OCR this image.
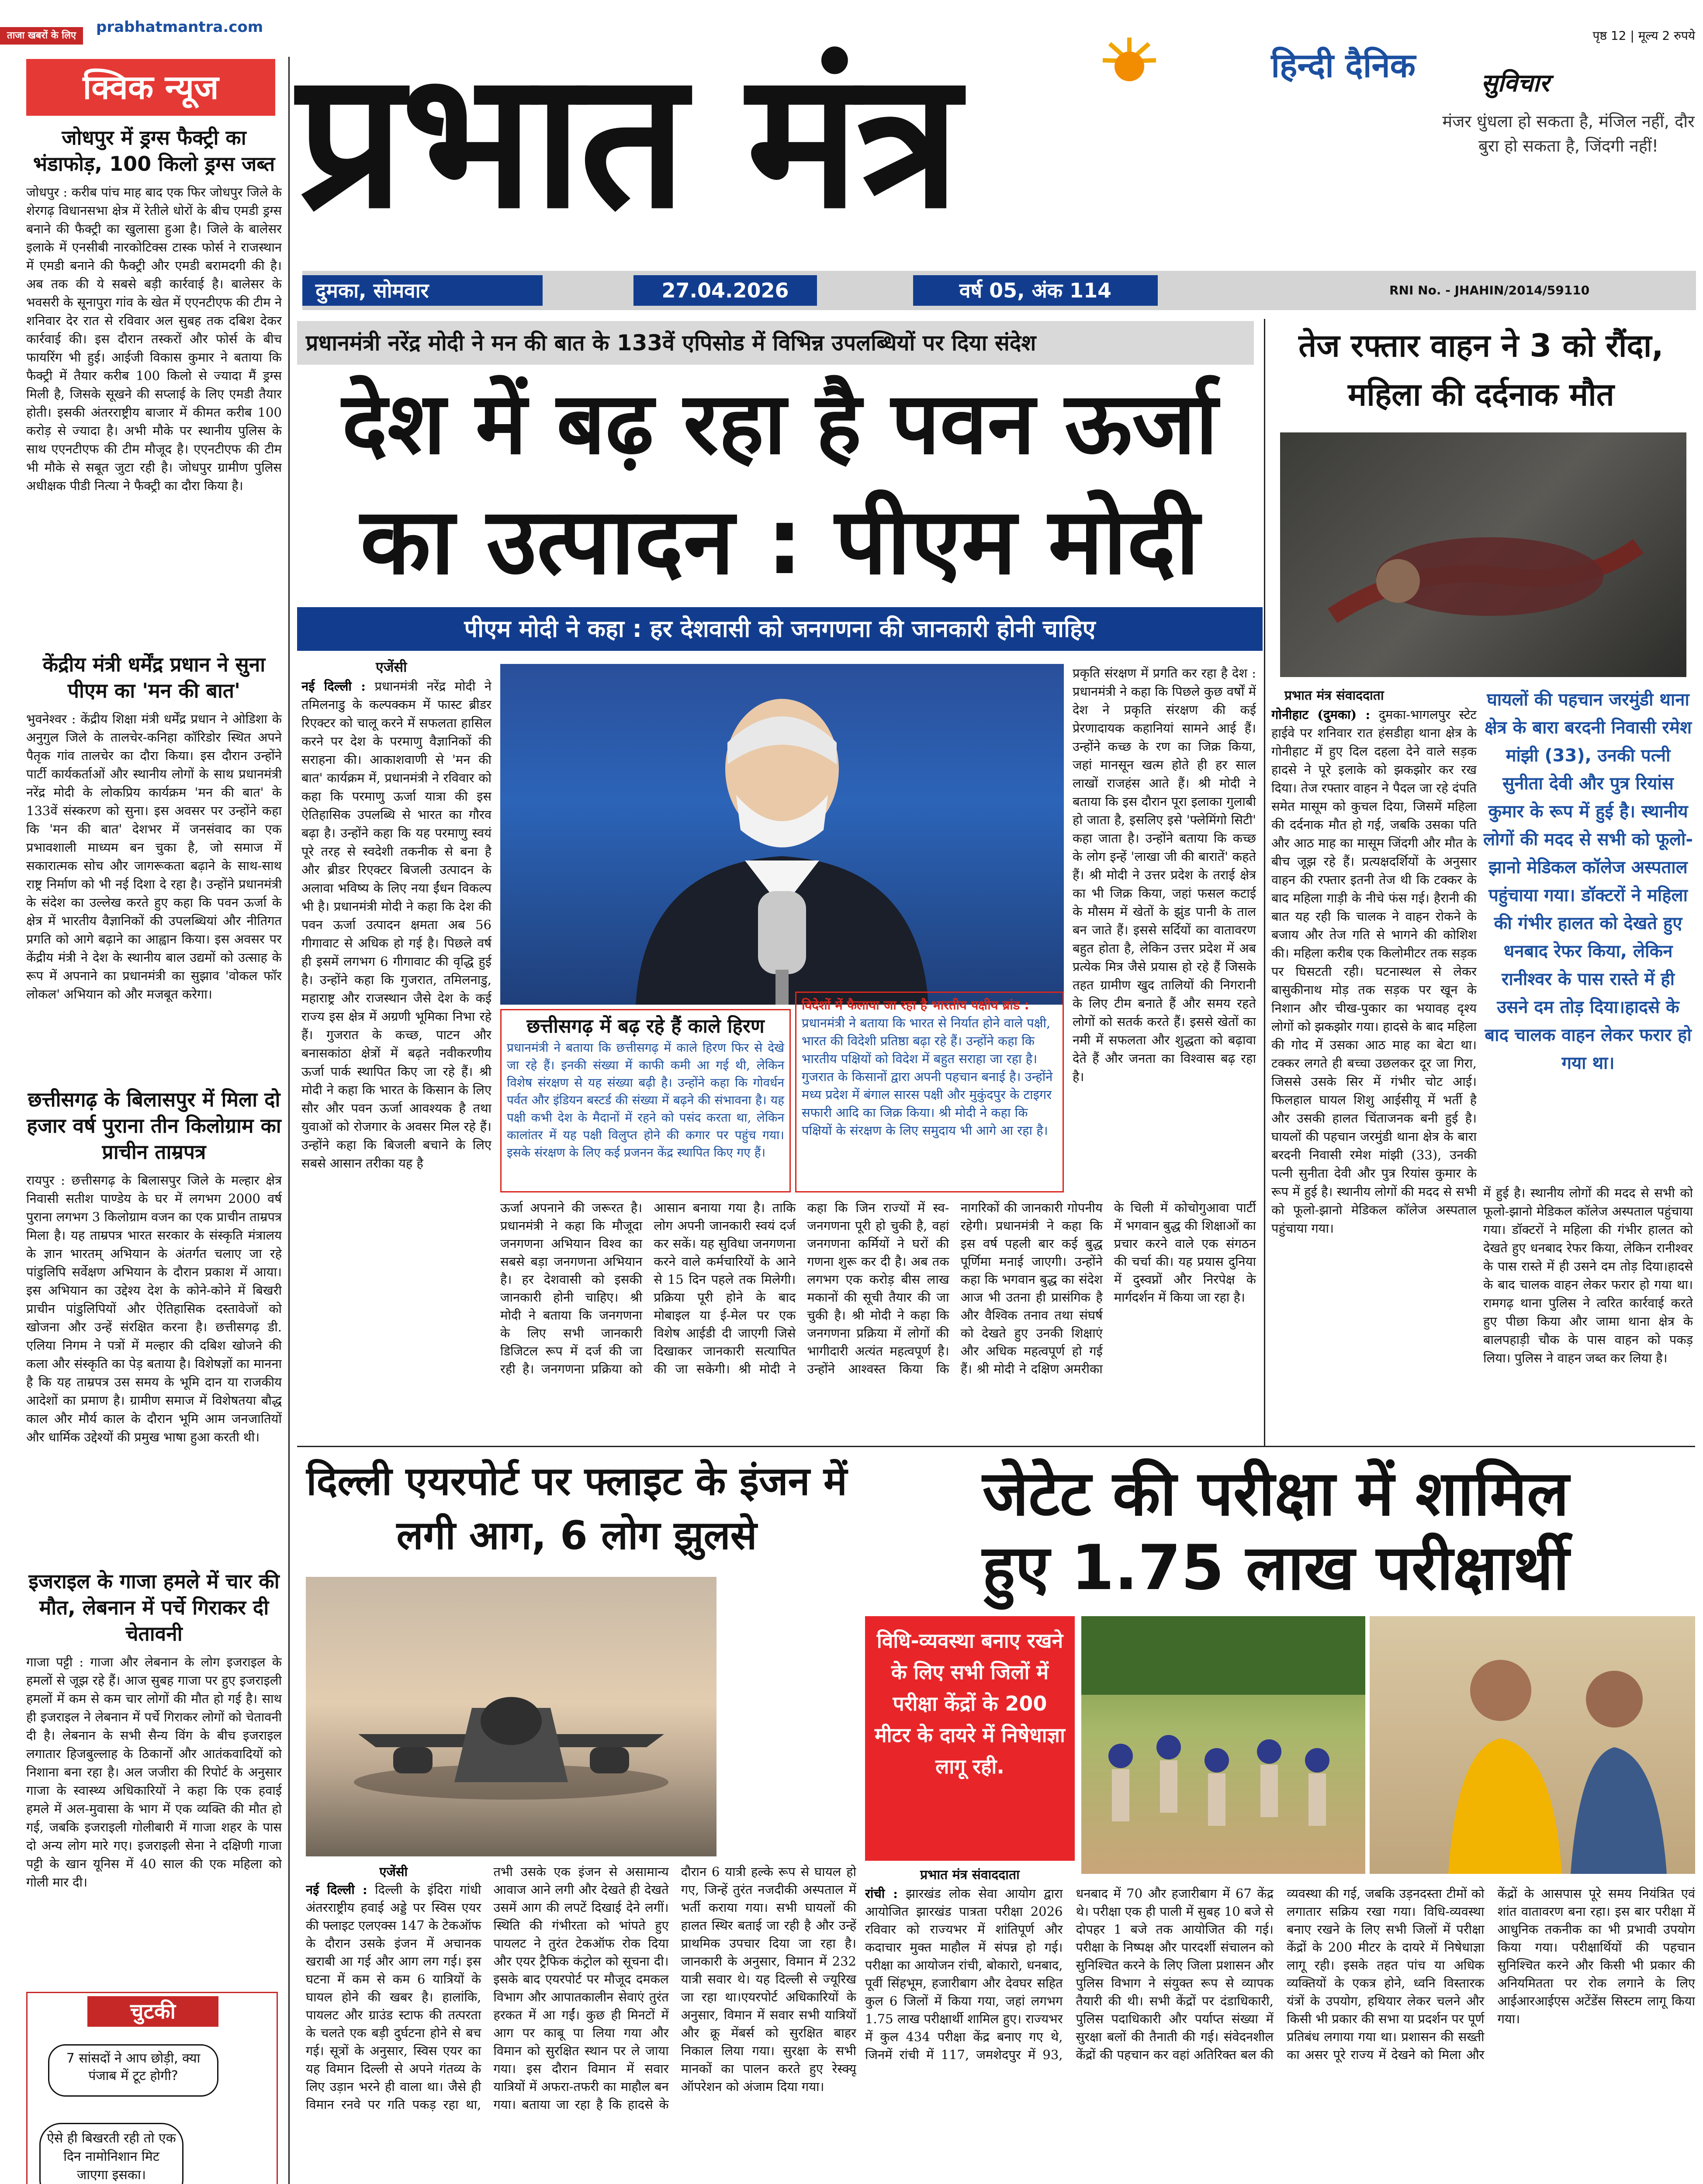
ताजा खबरों के लिए देखें
prabhatmantra.com
प्रभात मंत्र	हिन्दी दैनिक
पृष्ठ 12 | मूल्य 2 रुपये
सुविचार
मंजर धुंधला हो सकता है, मंजिल नहीं, दौर बुरा हो सकता है, जिंदगी नहीं!
दुमका, सोमवार	27.04.2026	वर्ष 05, अंक 114	RNI No. - JHAHIN/2014/59110
क्विक न्यूज
जोधपुर में ड्रग्स फैक्ट्री का भंडाफोड़, 100 किलो ड्रग्स जब्त
जोधपुर : करीब पांच माह बाद एक फिर जोधपुर जिले के शेरगढ़ विधानसभा क्षेत्र में रेतीले धोरों के बीच एमडी ड्रग्स बनाने की फैक्ट्री का खुलासा हुआ है। जिले के बालेसर इलाके में एनसीबी नारकोटिक्स टास्क फोर्स ने राजस्थान में एमडी बनाने की फैक्ट्री और एमडी बरामदगी की है। अब तक की ये सबसे बड़ी कार्रवाई है। बालेसर के भवसरी के सूनापुरा गांव के खेत में एएनटीएफ की टीम ने शनिवार देर रात से रविवार अल सुबह तक दबिश देकर कार्रवाई की। इस दौरान तस्करों और फोर्स के बीच फायरिंग भी हुई। आईजी विकास कुमार ने बताया कि फैक्ट्री में तैयार करीब 100 किलो से ज्यादा मैं ड्रग्स मिली है, जिसके सूखने की सप्लाई के लिए एमडी तैयार होती। इसकी अंतरराष्ट्रीय बाजार में कीमत करीब 100 करोड़ से ज्यादा है। अभी मौके पर स्थानीय पुलिस के साथ एएनटीएफ की टीम मौजूद है। एएनटीएफ की टीम भी मौके से सबूत जुटा रही है। जोधपुर ग्रामीण पुलिस अधीक्षक पीडी नित्या ने फैक्ट्री का दौरा किया है।
केंद्रीय मंत्री धर्मेंद्र प्रधान ने सुना पीएम का 'मन की बात'
भुवनेश्वर : केंद्रीय शिक्षा मंत्री धर्मेंद्र प्रधान ने ओडिशा के अनुगुल जिले के तालचेर-कनिहा कॉरिडोर स्थित अपने पैतृक गांव तालचेर का दौरा किया। इस दौरान उन्होंने पार्टी कार्यकर्ताओं और स्थानीय लोगों के साथ प्रधानमंत्री नरेंद्र मोदी के लोकप्रिय कार्यक्रम 'मन की बात' के 133वें संस्करण को सुना। इस अवसर पर उन्होंने कहा कि 'मन की बात' देशभर में जनसंवाद का एक प्रभावशाली माध्यम बन चुका है, जो समाज में सकारात्मक सोच और जागरूकता बढ़ाने के साथ-साथ राष्ट्र निर्माण को भी नई दिशा दे रहा है। उन्होंने प्रधानमंत्री के संदेश का उल्लेख करते हुए कहा कि पवन ऊर्जा के क्षेत्र में भारतीय वैज्ञानिकों की उपलब्धियां और नीतिगत प्रगति को आगे बढ़ाने का आह्वान किया। इस अवसर पर केंद्रीय मंत्री ने देश के स्थानीय बाल उद्यमों को उत्साह के रूप में अपनाने का प्रधानमंत्री का सुझाव 'वोकल फॉर लोकल' अभियान को और मजबूत करेगा।
छत्तीसगढ़ के बिलासपुर में मिला दो हजार वर्ष पुराना तीन किलोग्राम का प्राचीन ताम्रपत्र
रायपुर : छत्तीसगढ़ के बिलासपुर जिले के मल्हार क्षेत्र निवासी सतीश पाण्डेय के घर में लगभग 2000 वर्ष पुराना लगभग 3 किलोग्राम वजन का एक प्राचीन ताम्रपत्र मिला है। यह ताम्रपत्र भारत सरकार के संस्कृति मंत्रालय के ज्ञान भारतम् अभियान के अंतर्गत चलाए जा रहे पांडुलिपि सर्वेक्षण अभियान के दौरान प्रकाश में आया। इस अभियान का उद्देश्य देश के कोने-कोने में बिखरी प्राचीन पांडुलिपियों और ऐतिहासिक दस्तावेजों को खोजना और उन्हें संरक्षित करना है। छत्तीसगढ़ डी. एलिया निगम ने पत्रों में मल्हार की दबिश खोजने की कला और संस्कृति का पेड़ बताया है। विशेषज्ञों का मानना है कि यह ताम्रपत्र उस समय के भूमि दान या राजकीय आदेशों का प्रमाण है। ग्रामीण समाज में विशेषतया बौद्ध काल और मौर्य काल के दौरान भूमि आम जनजातियों और धार्मिक उद्देश्यों की प्रमुख भाषा हुआ करती थी।
इजराइल के गाजा हमले में चार की मौत, लेबनान में पर्चे गिराकर दी चेतावनी
गाजा पट्टी : गाजा और लेबनान के लोग इजराइल के हमलों से जूझ रहे हैं। आज सुबह गाजा पर हुए इजराइली हमलों में कम से कम चार लोगों की मौत हो गई है। साथ ही इजराइल ने लेबनान में पर्चे गिराकर लोगों को चेतावनी दी है। लेबनान के सभी सैन्य विंग के बीच इजराइल लगातार हिजबुल्लाह के ठिकानों और आतंकवादियों को निशाना बना रहा है। अल जजीरा की रिपोर्ट के अनुसार गाजा के स्वास्थ्य अधिकारियों ने कहा कि एक हवाई हमले में अल-मुवासा के भाग में एक व्यक्ति की मौत हो गई, जबकि इजराइली गोलीबारी में गाजा शहर के पास दो अन्य लोग मारे गए। इजराइली सेना ने दक्षिणी गाजा पट्टी के खान यूनिस में 40 साल की एक महिला को गोली मार दी।
चुटकी
7 सांसदों ने आप छोड़ी, क्या पंजाब में टूट होगी?
ऐसे ही बिखरती रही तो एक दिन नामोनिशान मिट जाएगा इसका।
प्रधानमंत्री नरेंद्र मोदी ने मन की बात के 133वें एपिसोड में विभिन्न उपलब्धियों पर दिया संदेश
देश में बढ़ रहा है पवन ऊर्जा
का उत्पादन : पीएम मोदी
पीएम मोदी ने कहा : हर देशवासी को जनगणना की जानकारी होनी चाहिए
एजेंसी
नई दिल्ली : प्रधानमंत्री नरेंद्र मोदी ने तमिलनाडु के कल्पक्कम में फास्ट ब्रीडर रिएक्टर को चालू करने में सफलता हासिल करने पर देश के परमाणु वैज्ञानिकों की सराहना की। आकाशवाणी से 'मन की बात' कार्यक्रम में, प्रधानमंत्री ने रविवार को कहा कि परमाणु ऊर्जा यात्रा की इस ऐतिहासिक उपलब्धि से भारत का गौरव बढ़ा है। उन्होंने कहा कि यह परमाणु स्वयं पूरे तरह से स्वदेशी तकनीक से बना है और ब्रीडर रिएक्टर बिजली उत्पादन के अलावा भविष्य के लिए नया ईंधन विकल्प भी है। प्रधानमंत्री मोदी ने कहा कि देश की पवन ऊर्जा उत्पादन क्षमता अब 56 गीगावाट से अधिक हो गई है। पिछले वर्ष ही इसमें लगभग 6 गीगावाट की वृद्धि हुई है। उन्होंने कहा कि गुजरात, तमिलनाडु, महाराष्ट्र और राजस्थान जैसे देश के कई राज्य इस क्षेत्र में अग्रणी भूमिका निभा रहे हैं। गुजरात के कच्छ, पाटन और बनासकांठा क्षेत्रों में बढ़ते नवीकरणीय ऊर्जा पार्क स्थापित किए जा रहे हैं। श्री मोदी ने कहा कि भारत के किसान के लिए सौर और पवन ऊर्जा आवश्यक है तथा युवाओं को रोजगार के अवसर मिल रहे हैं। उन्होंने कहा कि बिजली बचाने के लिए सबसे आसान तरीका यह है
प्रकृति संरक्षण में प्रगति कर रहा है देश : प्रधानमंत्री ने कहा कि पिछले कुछ वर्षों में देश ने प्रकृति संरक्षण की कई प्रेरणादायक कहानियां सामने आई हैं। उन्होंने कच्छ के रण का जिक्र किया, जहां मानसून खत्म होते ही हर साल लाखों राजहंस आते हैं। श्री मोदी ने बताया कि इस दौरान पूरा इलाका गुलाबी हो जाता है, इसलिए इसे 'फ्लेमिंगो सिटी' कहा जाता है। उन्होंने बताया कि कच्छ के लोग इन्हें 'लाखा जी की बारातें' कहते हैं। श्री मोदी ने उत्तर प्रदेश के तराई क्षेत्र का भी जिक्र किया, जहां फसल कटाई के मौसम में खेतों के झुंड पानी के ताल बन जाते हैं। इससे सर्दियों का वातावरण बहुत होता है, लेकिन उत्तर प्रदेश में अब प्रत्येक मित्र जैसे प्रयास हो रहे हैं जिसके तहत ग्रामीण खुद तालियों की निगरानी के लिए टीम बनाते हैं और समय रहते लोगों को सतर्क करते हैं। इससे खेतों का नमी में सफलता और शुद्धता को बढ़ावा देते हैं और जनता का विश्वास बढ़ रहा है।
छत्तीसगढ़ में बढ़ रहे हैं काले हिरण
प्रधानमंत्री ने बताया कि छत्तीसगढ़ में काले हिरण फिर से देखे जा रहे हैं। इनकी संख्या में काफी कमी आ गई थी, लेकिन विशेष संरक्षण से यह संख्या बढ़ी है। उन्होंने कहा कि गोवर्धन पर्वत और इंडियन बस्टर्ड की संख्या में बढ़ने की संभावना है। यह पक्षी कभी देश के मैदानों में रहने को पसंद करता था, लेकिन कालांतर में यह पक्षी विलुप्त होने की कगार पर पहुंच गया। इसके संरक्षण के लिए कई प्रजनन केंद्र स्थापित किए गए हैं।
विदेशों में फैलाया जा रहा है भारतीय पक्षीय ब्रांड : प्रधानमंत्री ने बताया कि भारत से निर्यात होने वाले पक्षी, भारत की विदेशी प्रतिष्ठा बढ़ा रहे हैं। उन्होंने कहा कि भारतीय पक्षियों को विदेश में बहुत सराहा जा रहा है। गुजरात के किसानों द्वारा अपनी पहचान बनाई है। उन्होंने मध्य प्रदेश में बंगाल सारस पक्षी और मुकुंदपुर के टाइगर सफारी आदि का जिक्र किया। श्री मोदी ने कहा कि पक्षियों के संरक्षण के लिए समुदाय भी आगे आ रहा है।
ऊर्जा अपनाने की जरूरत है। प्रधानमंत्री ने कहा कि मौजूदा जनगणना अभियान विश्व का सबसे बड़ा जनगणना अभियान है। हर देशवासी को इसकी जानकारी होनी चाहिए। श्री मोदी ने बताया कि जनगणना के लिए सभी जानकारी डिजिटल रूप में दर्ज की जा रही है। जनगणना प्रक्रिया को आसान बनाया गया है। ताकि लोग अपनी जानकारी स्वयं दर्ज कर सकें। यह सुविधा जनगणना करने वाले कर्मचारियों के आने से 15 दिन पहले तक मिलेगी। प्रक्रिया पूरी होने के बाद मोबाइल या ई-मेल पर एक विशेष आईडी दी जाएगी जिसे दिखाकर जानकारी सत्यापित की जा सकेगी। श्री मोदी ने कहा कि जिन राज्यों में स्व-जनगणना पूरी हो चुकी है, वहां जनगणना कर्मियों ने घरों की गणना शुरू कर दी है। अब तक लगभग एक करोड़ बीस लाख मकानों की सूची तैयार की जा चुकी है। श्री मोदी ने कहा कि जनगणना प्रक्रिया में लोगों की भागीदारी अत्यंत महत्वपूर्ण है। उन्होंने आश्वस्त किया कि नागरिकों की जानकारी गोपनीय रहेगी। प्रधानमंत्री ने कहा कि इस वर्ष पहली बार कई बुद्ध पूर्णिमा मनाई जाएगी। उन्होंने कहा कि भगवान बुद्ध का संदेश आज भी उतना ही प्रासंगिक है और वैश्विक तनाव तथा संघर्ष को देखते हुए उनकी शिक्षाएं और अधिक महत्वपूर्ण हो गई हैं। श्री मोदी ने दक्षिण अमरीका के चिली में कोचोगुआवा पार्टी में भगवान बुद्ध की शिक्षाओं का प्रचार करने वाले एक संगठन की चर्चा की। यह प्रयास दुनिया में दुस्वप्नों और निरपेक्ष के मार्गदर्शन में किया जा रहा है।
तेज रफ्तार वाहन ने 3 को रौंदा, महिला की दर्दनाक मौत
प्रभात मंत्र संवाददाता
गोनीहाट (दुमका) : दुमका-भागलपुर स्टेट हाईवे पर शनिवार रात हंसडीहा थाना क्षेत्र के गोनीहाट में हुए दिल दहला देने वाले सड़क हादसे ने पूरे इलाके को झकझोर कर रख दिया। तेज रफ्तार वाहन ने पैदल जा रहे दंपति समेत मासूम को कुचल दिया, जिसमें महिला की दर्दनाक मौत हो गई, जबकि उसका पति और आठ माह का मासूम जिंदगी और मौत के बीच जूझ रहे हैं। प्रत्यक्षदर्शियों के अनुसार वाहन की रफ्तार इतनी तेज थी कि टक्कर के बाद महिला गाड़ी के नीचे फंस गई। हैरानी की बात यह रही कि चालक ने वाहन रोकने के बजाय और तेज गति से भागने की कोशिश की। महिला करीब एक किलोमीटर तक सड़क पर घिसटती रही। घटनास्थल से लेकर बासुकीनाथ मोड़ तक सड़क पर खून के निशान और चीख-पुकार का भयावह दृश्य लोगों को झकझोर गया। हादसे के बाद महिला की गोद में उसका आठ माह का बेटा था। टक्कर लगते ही बच्चा उछलकर दूर जा गिरा, जिससे उसके सिर में गंभीर चोट आई। फिलहाल घायल शिशु आईसीयू में भर्ती है और उसकी हालत चिंताजनक बनी हुई है। घायलों की पहचान जरमुंडी थाना क्षेत्र के बारा बरदनी निवासी रमेश मांझी (33), उनकी पत्नी सुनीता देवी और पुत्र रियांस कुमार के रूप में हुई है। स्थानीय लोगों की मदद से सभी को फूलो-झानो मेडिकल कॉलेज अस्पताल पहुंचाया गया।
घायलों की पहचान जरमुंडी थाना क्षेत्र के बारा बरदनी निवासी रमेश मांझी (33), उनकी पत्नी सुनीता देवी और पुत्र रियांस कुमार के रूप में हुई है। स्थानीय लोगों की मदद से सभी को फूलो-झानो मेडिकल कॉलेज अस्पताल पहुंचाया गया। डॉक्टरों ने महिला की गंभीर हालत को देखते हुए धनबाद रेफर किया, लेकिन रानीश्वर के पास रास्ते में ही उसने दम तोड़ दिया।हादसे के बाद चालक वाहन लेकर फरार हो गया था।
में हुई है। स्थानीय लोगों की मदद से सभी को फूलो-झानो मेडिकल कॉलेज अस्पताल पहुंचाया गया। डॉक्टरों ने महिला की गंभीर हालत को देखते हुए धनबाद रेफर किया, लेकिन रानीश्वर के पास रास्ते में ही उसने दम तोड़ दिया।हादसे के बाद चालक वाहन लेकर फरार हो गया था। रामगढ़ थाना पुलिस ने त्वरित कार्रवाई करते हुए पीछा किया और जामा थाना क्षेत्र के बालपहाड़ी चौक के पास वाहन को पकड़ लिया। पुलिस ने वाहन जब्त कर लिया है।
दिल्ली एयरपोर्ट पर फ्लाइट के इंजन में लगी आग, 6 लोग झुलसे
एजेंसी
नई दिल्ली : दिल्ली के इंदिरा गांधी अंतरराष्ट्रीय हवाई अड्डे पर स्विस एयर की फ्लाइट एलएक्स 147 के टेकऑफ के दौरान उसके इंजन में अचानक खराबी आ गई और आग लग गई। इस घटना में कम से कम 6 यात्रियों के घायल होने की खबर है। हालांकि, पायलट और ग्राउंड स्टाफ की तत्परता के चलते एक बड़ी दुर्घटना होने से बच गई। सूत्रों के अनुसार, स्विस एयर का यह विमान दिल्ली से अपने गंतव्य के लिए उड़ान भरने ही वाला था। जैसे ही विमान रनवे पर गति पकड़ रहा था, तभी उसके एक इंजन से असामान्य आवाज आने लगी और देखते ही देखते उसमें आग की लपटें दिखाई देने लगीं। स्थिति की गंभीरता को भांपते हुए पायलट ने तुरंत टेकऑफ रोक दिया और एयर ट्रैफिक कंट्रोल को सूचना दी। इसके बाद एयरपोर्ट पर मौजूद दमकल विभाग और आपातकालीन सेवाएं तुरंत हरकत में आ गईं। कुछ ही मिनटों में आग पर काबू पा लिया गया और विमान को सुरक्षित स्थान पर ले जाया गया। इस दौरान विमान में सवार यात्रियों में अफरा-तफरी का माहौल बन गया। बताया जा रहा है कि हादसे के दौरान 6 यात्री हल्के रूप से घायल हो गए, जिन्हें तुरंत नजदीकी अस्पताल में भर्ती कराया गया। सभी घायलों की हालत स्थिर बताई जा रही है और उन्हें प्राथमिक उपचार दिया जा रहा है। जानकारी के अनुसार, विमान में 232 यात्री सवार थे। यह दिल्ली से ज्यूरिख जा रहा था।एयरपोर्ट अधिकारियों के अनुसार, विमान में सवार सभी यात्रियों और क्रू मेंबर्स को सुरक्षित बाहर निकाल लिया गया। सुरक्षा के सभी मानकों का पालन करते हुए रेस्क्यू ऑपरेशन को अंजाम दिया गया।
जेटेट की परीक्षा में शामिल
हुए 1.75 लाख परीक्षार्थी
विधि-व्यवस्था बनाए रखने के लिए सभी जिलों में परीक्षा केंद्रों के 200 मीटर के दायरे में निषेधाज्ञा लागू रही.
प्रभात मंत्र संवाददाता
रांची : झारखंड लोक सेवा आयोग द्वारा आयोजित झारखंड पात्रता परीक्षा 2026 रविवार को राज्यभर में शांतिपूर्ण और कदाचार मुक्त माहौल में संपन्न हो गई। परीक्षा का आयोजन रांची, बोकारो, धनबाद, पूर्वी सिंहभूम, हजारीबाग और देवघर सहित कुल 6 जिलों में किया गया, जहां लगभग 1.75 लाख परीक्षार्थी शामिल हुए। राज्यभर में कुल 434 परीक्षा केंद्र बनाए गए थे, जिनमें रांची में 117, जमशेदपुर में 93, धनबाद में 70 और हजारीबाग में 67 केंद्र थे। परीक्षा एक ही पाली में सुबह 10 बजे से दोपहर 1 बजे तक आयोजित की गई। परीक्षा के निष्पक्ष और पारदर्शी संचालन को सुनिश्चित करने के लिए जिला प्रशासन और पुलिस विभाग ने संयुक्त रूप से व्यापक तैयारी की थी। सभी केंद्रों पर दंडाधिकारी, पुलिस पदाधिकारी और पर्याप्त संख्या में सुरक्षा बलों की तैनाती की गई। संवेदनशील केंद्रों की पहचान कर वहां अतिरिक्त बल की व्यवस्था की गई, जबकि उड़नदस्ता टीमों को लगातार सक्रिय रखा गया। विधि-व्यवस्था बनाए रखने के लिए सभी जिलों में परीक्षा केंद्रों के 200 मीटर के दायरे में निषेधाज्ञा लागू रही। इसके तहत पांच या अधिक व्यक्तियों के एकत्र होने, ध्वनि विस्तारक यंत्रों के उपयोग, हथियार लेकर चलने और किसी भी प्रकार की सभा या प्रदर्शन पर पूर्ण प्रतिबंध लगाया गया था। प्रशासन की सख्ती का असर पूरे राज्य में देखने को मिला और केंद्रों के आसपास पूरे समय नियंत्रित एवं शांत वातावरण बना रहा। इस बार परीक्षा में आधुनिक तकनीक का भी प्रभावी उपयोग किया गया। परीक्षार्थियों की पहचान सुनिश्चित करने और किसी भी प्रकार की अनियमितता पर रोक लगाने के लिए आईआरआईएस अटेंडेंस सिस्टम लागू किया गया।
